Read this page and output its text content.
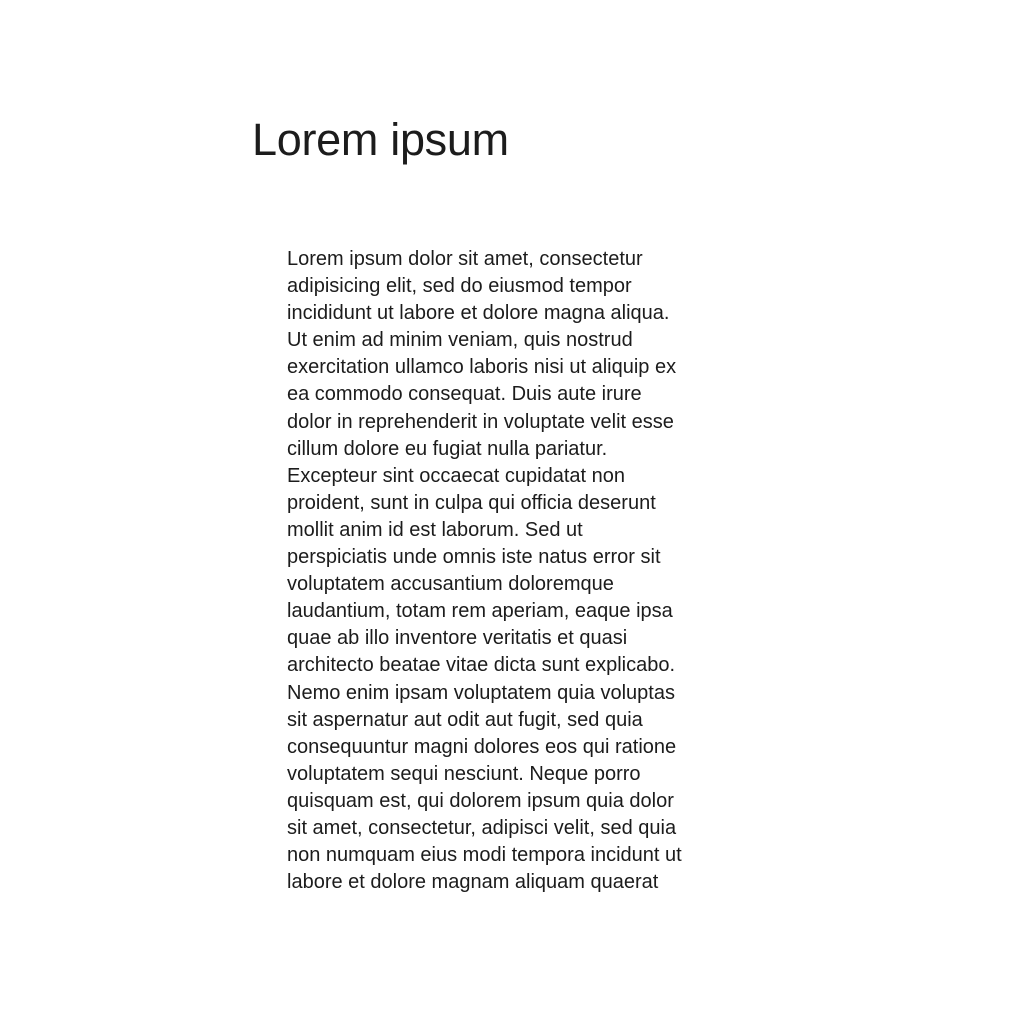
Lorem ipsum
Lorem ipsum dolor sit amet, consectetur
adipisicing elit, sed do eiusmod tempor
incididunt ut labore et dolore magna aliqua.
Ut enim ad minim veniam, quis nostrud
exercitation ullamco laboris nisi ut aliquip ex
ea commodo consequat. Duis aute irure
dolor in reprehenderit in voluptate velit esse
cillum dolore eu fugiat nulla pariatur.
Excepteur sint occaecat cupidatat non
proident, sunt in culpa qui officia deserunt
mollit anim id est laborum. Sed ut
perspiciatis unde omnis iste natus error sit
voluptatem accusantium doloremque
laudantium, totam rem aperiam, eaque ipsa
quae ab illo inventore veritatis et quasi
architecto beatae vitae dicta sunt explicabo.
Nemo enim ipsam voluptatem quia voluptas
sit aspernatur aut odit aut fugit, sed quia
consequuntur magni dolores eos qui ratione
voluptatem sequi nesciunt. Neque porro
quisquam est, qui dolorem ipsum quia dolor
sit amet, consectetur, adipisci velit, sed quia
non numquam eius modi tempora incidunt ut
labore et dolore magnam aliquam quaerat
